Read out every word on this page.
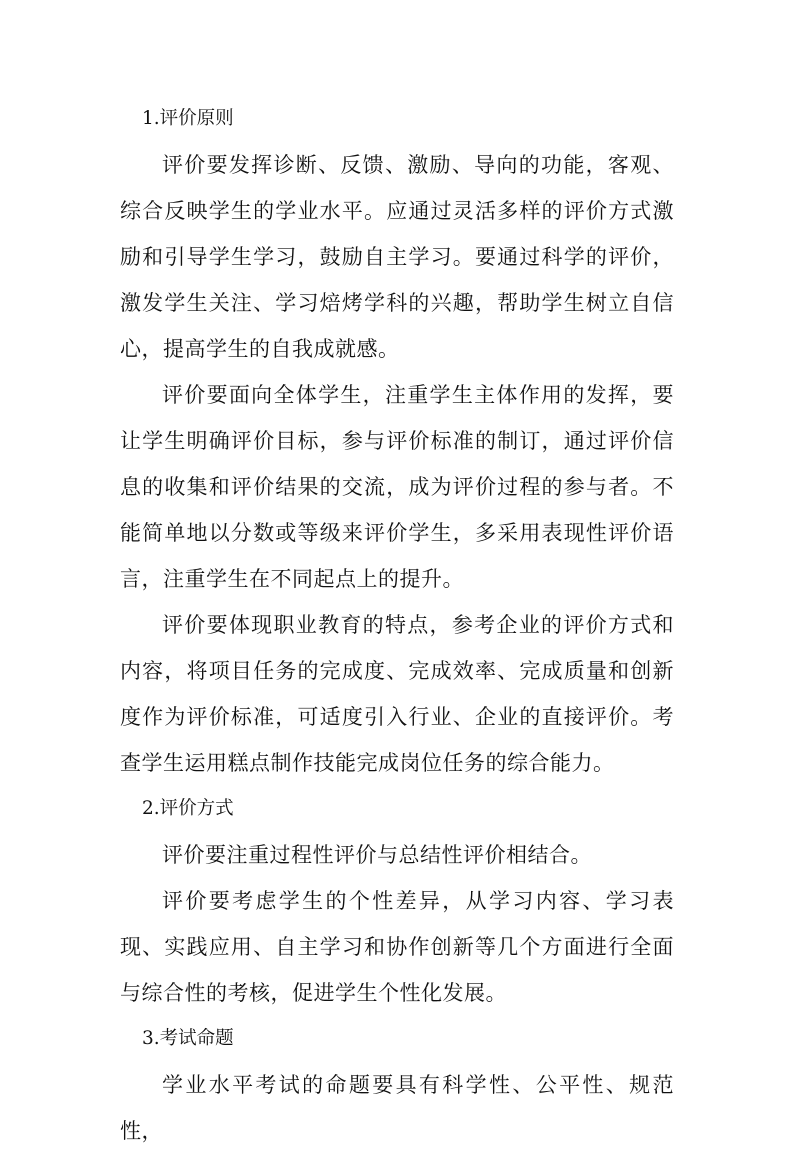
1.评价原则

评价要发挥诊断、反馈、激励、导向的功能，客观、综合反映学生的学业水平。应通过灵活多样的评价方式激励和引导学生学习，鼓励自主学习。要通过科学的评价，激发学生关注、学习焙烤学科的兴趣，帮助学生树立自信心，提高学生的自我成就感。

评价要面向全体学生，注重学生主体作用的发挥，要让学生明确评价目标，参与评价标准的制订，通过评价信息的收集和评价结果的交流，成为评价过程的参与者。不能简单地以分数或等级来评价学生，多采用表现性评价语言，注重学生在不同起点上的提升。

评价要体现职业教育的特点，参考企业的评价方式和内容，将项目任务的完成度、完成效率、完成质量和创新度作为评价标准，可适度引入行业、企业的直接评价。考查学生运用糕点制作技能完成岗位任务的综合能力。

2.评价方式

评价要注重过程性评价与总结性评价相结合。

评价要考虑学生的个性差异，从学习内容、学习表现、实践应用、自主学习和协作创新等几个方面进行全面与综合性的考核，促进学生个性化发展。

3.考试命题

学业水平考试的命题要具有科学性、公平性、规范性，
